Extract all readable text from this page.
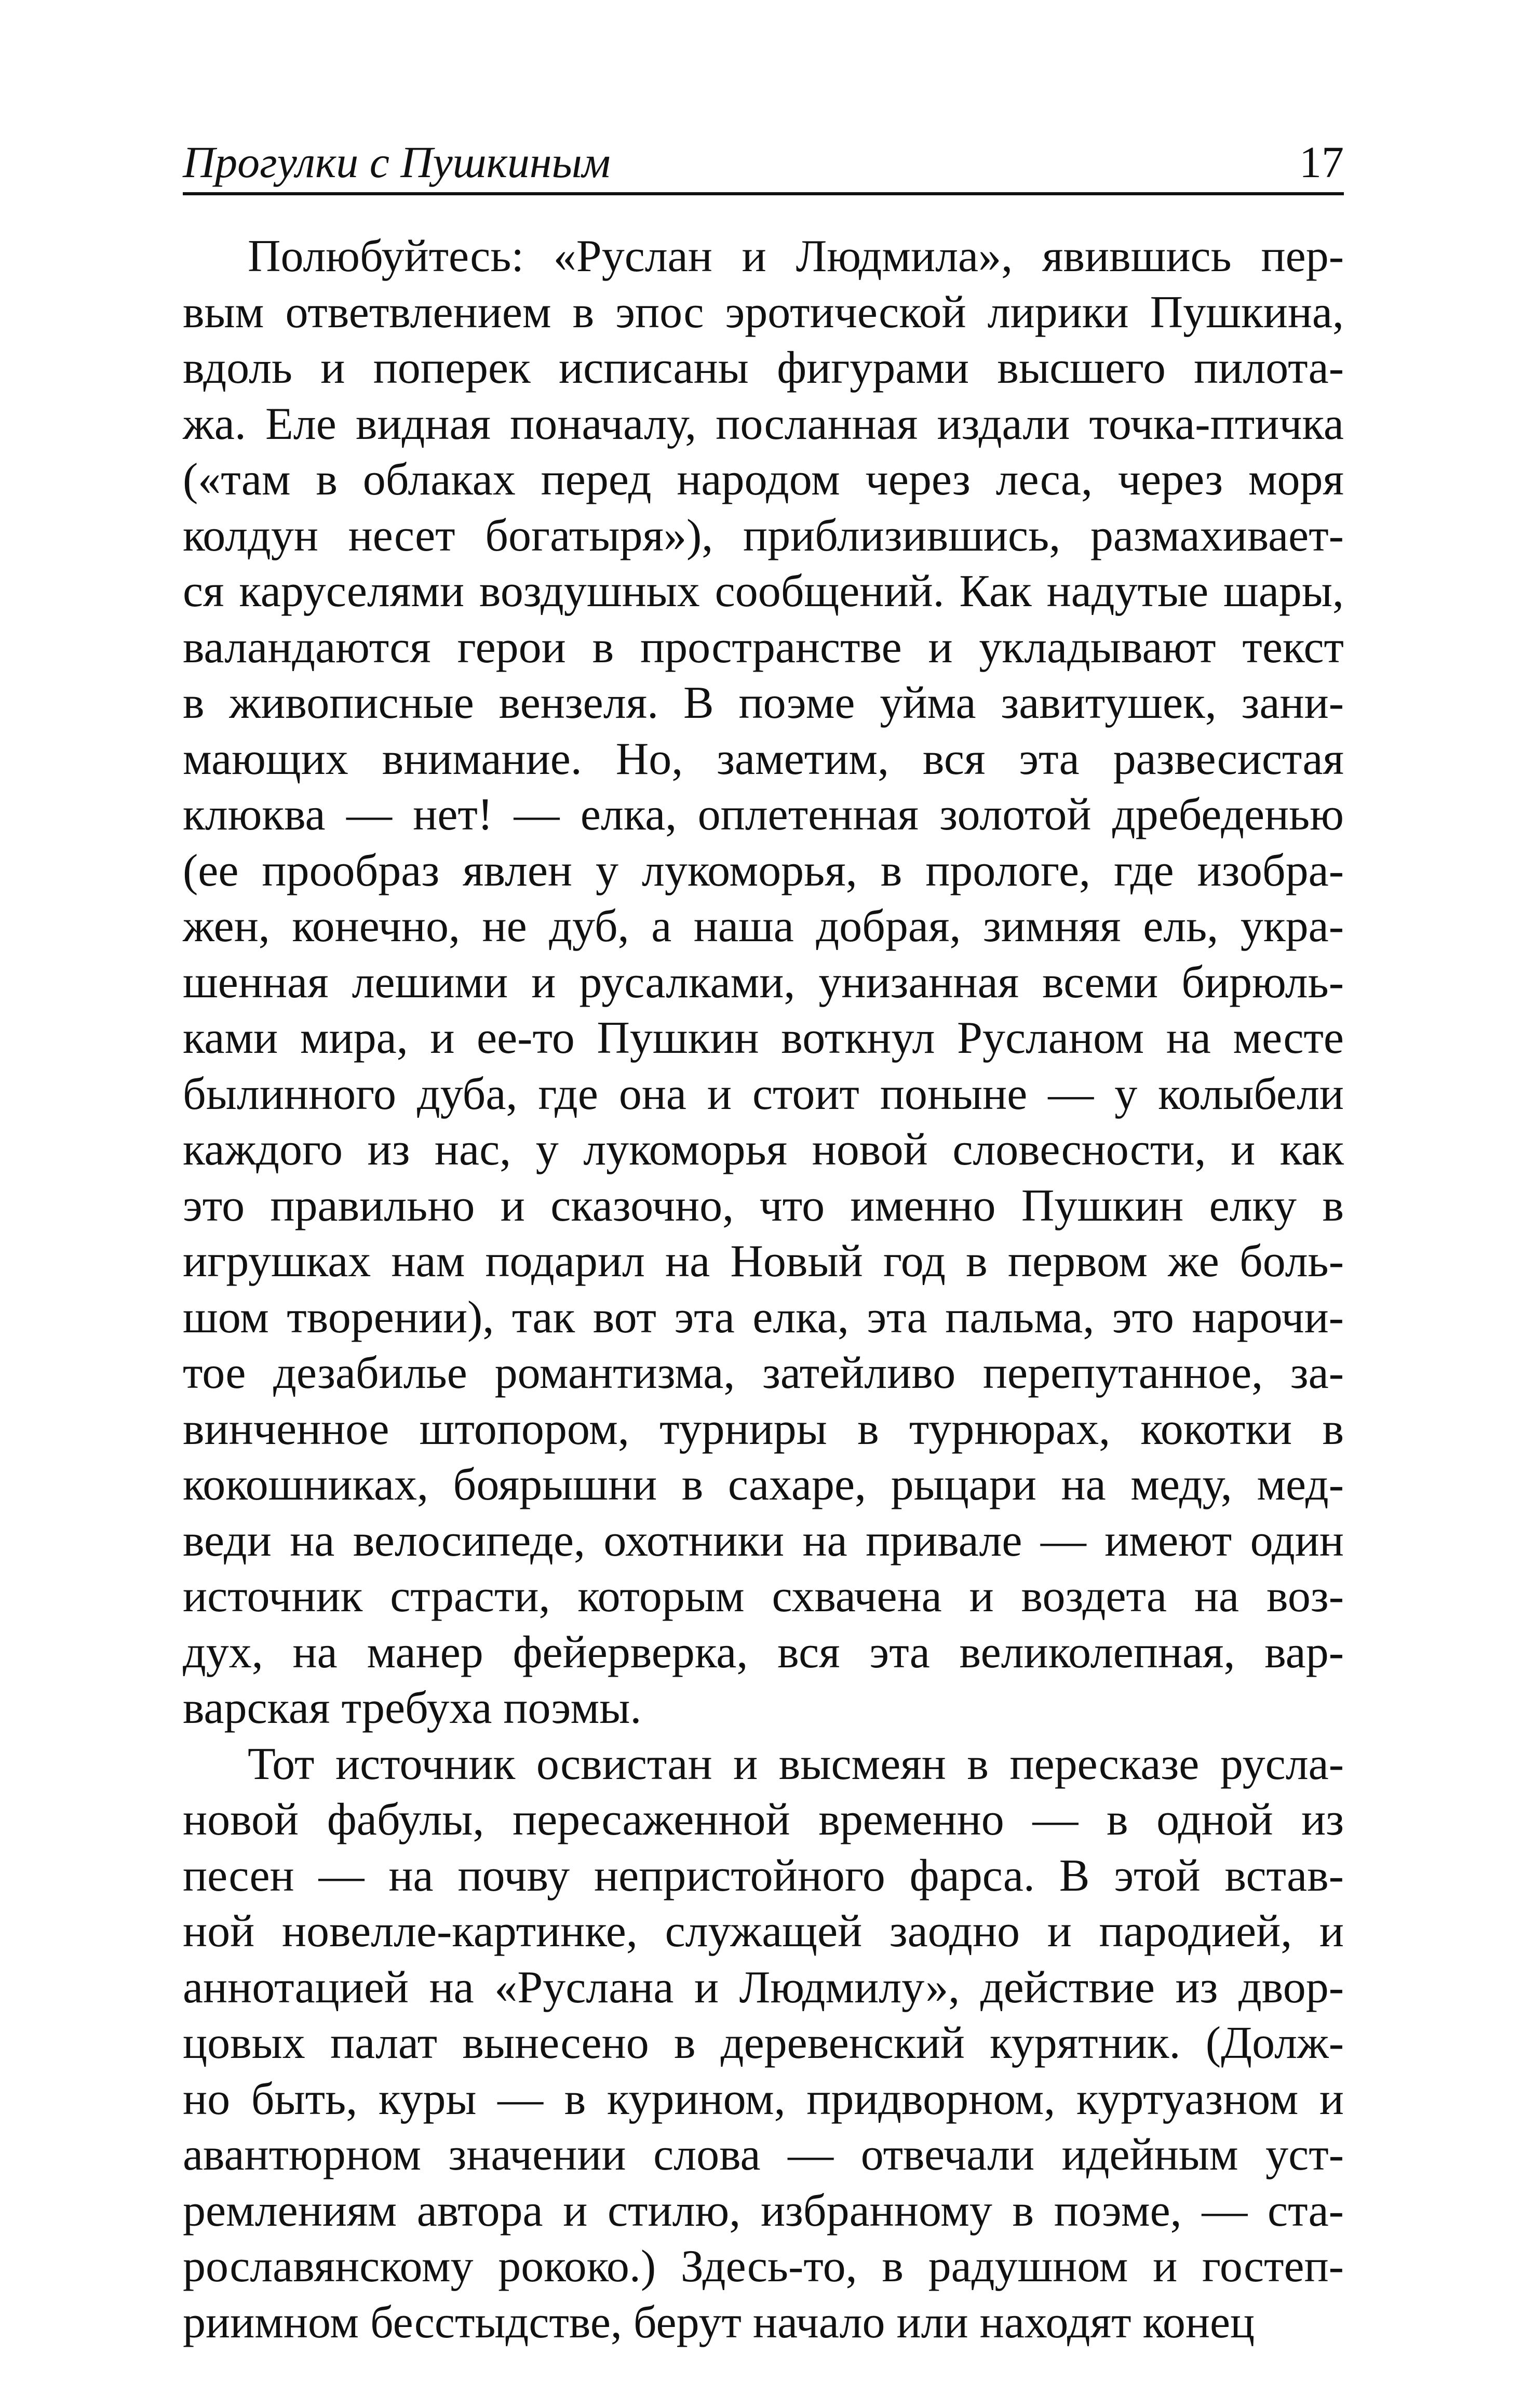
Прогулки с Пушкиным	17
Полюбуйтесь: «Руслан и Людмила», явившись пер-
вым ответвлением в эпос эротической лирики Пушкина,
вдоль и поперек исписаны фигурами высшего пилота-
жа. Еле видная поначалу, посланная издали точка-птичка
(«там в облаках перед народом через леса, через моря
колдун несет богатыря»), приблизившись, размахивает-
ся каруселями воздушных сообщений. Как надутые шары,
валандаются герои в пространстве и укладывают текст
в живописные вензеля. В поэме уйма завитушек, зани-
мающих внимание. Но, заметим, вся эта развесистая
клюква — нет! — елка, оплетенная золотой дребеденью
(ее прообраз явлен у лукоморья, в прологе, где изобра-
жен, конечно, не дуб, а наша добрая, зимняя ель, укра-
шенная лешими и русалками, унизанная всеми бирюль-
ками мира, и ее-то Пушкин воткнул Русланом на месте
былинного дуба, где она и стоит поныне — у колыбели
каждого из нас, у лукоморья новой словесности, и как
это правильно и сказочно, что именно Пушкин елку в
игрушках нам подарил на Новый год в первом же боль-
шом творении), так вот эта елка, эта пальма, это нарочи-
тое дезабилье романтизма, затейливо перепутанное, за-
винченное штопором, турниры в турнюрах, кокотки в
кокошниках, боярышни в сахаре, рыцари на меду, мед-
веди на велосипеде, охотники на привале — имеют один
источник страсти, которым схвачена и воздета на воз-
дух, на манер фейерверка, вся эта великолепная, вар-
варская требуха поэмы.
Тот источник освистан и высмеян в пересказе русла-
новой фабулы, пересаженной временно — в одной из
песен — на почву непристойного фарса. В этой встав-
ной новелле-картинке, служащей заодно и пародией, и
аннотацией на «Руслана и Людмилу», действие из двор-
цовых палат вынесено в деревенский курятник. (Долж-
но быть, куры — в курином, придворном, куртуазном и
авантюрном значении слова — отвечали идейным уст-
ремлениям автора и стилю, избранному в поэме, — ста-
рославянскому рококо.) Здесь-то, в радушном и гостеп-
риимном бесстыдстве, берут начало или находят конец
